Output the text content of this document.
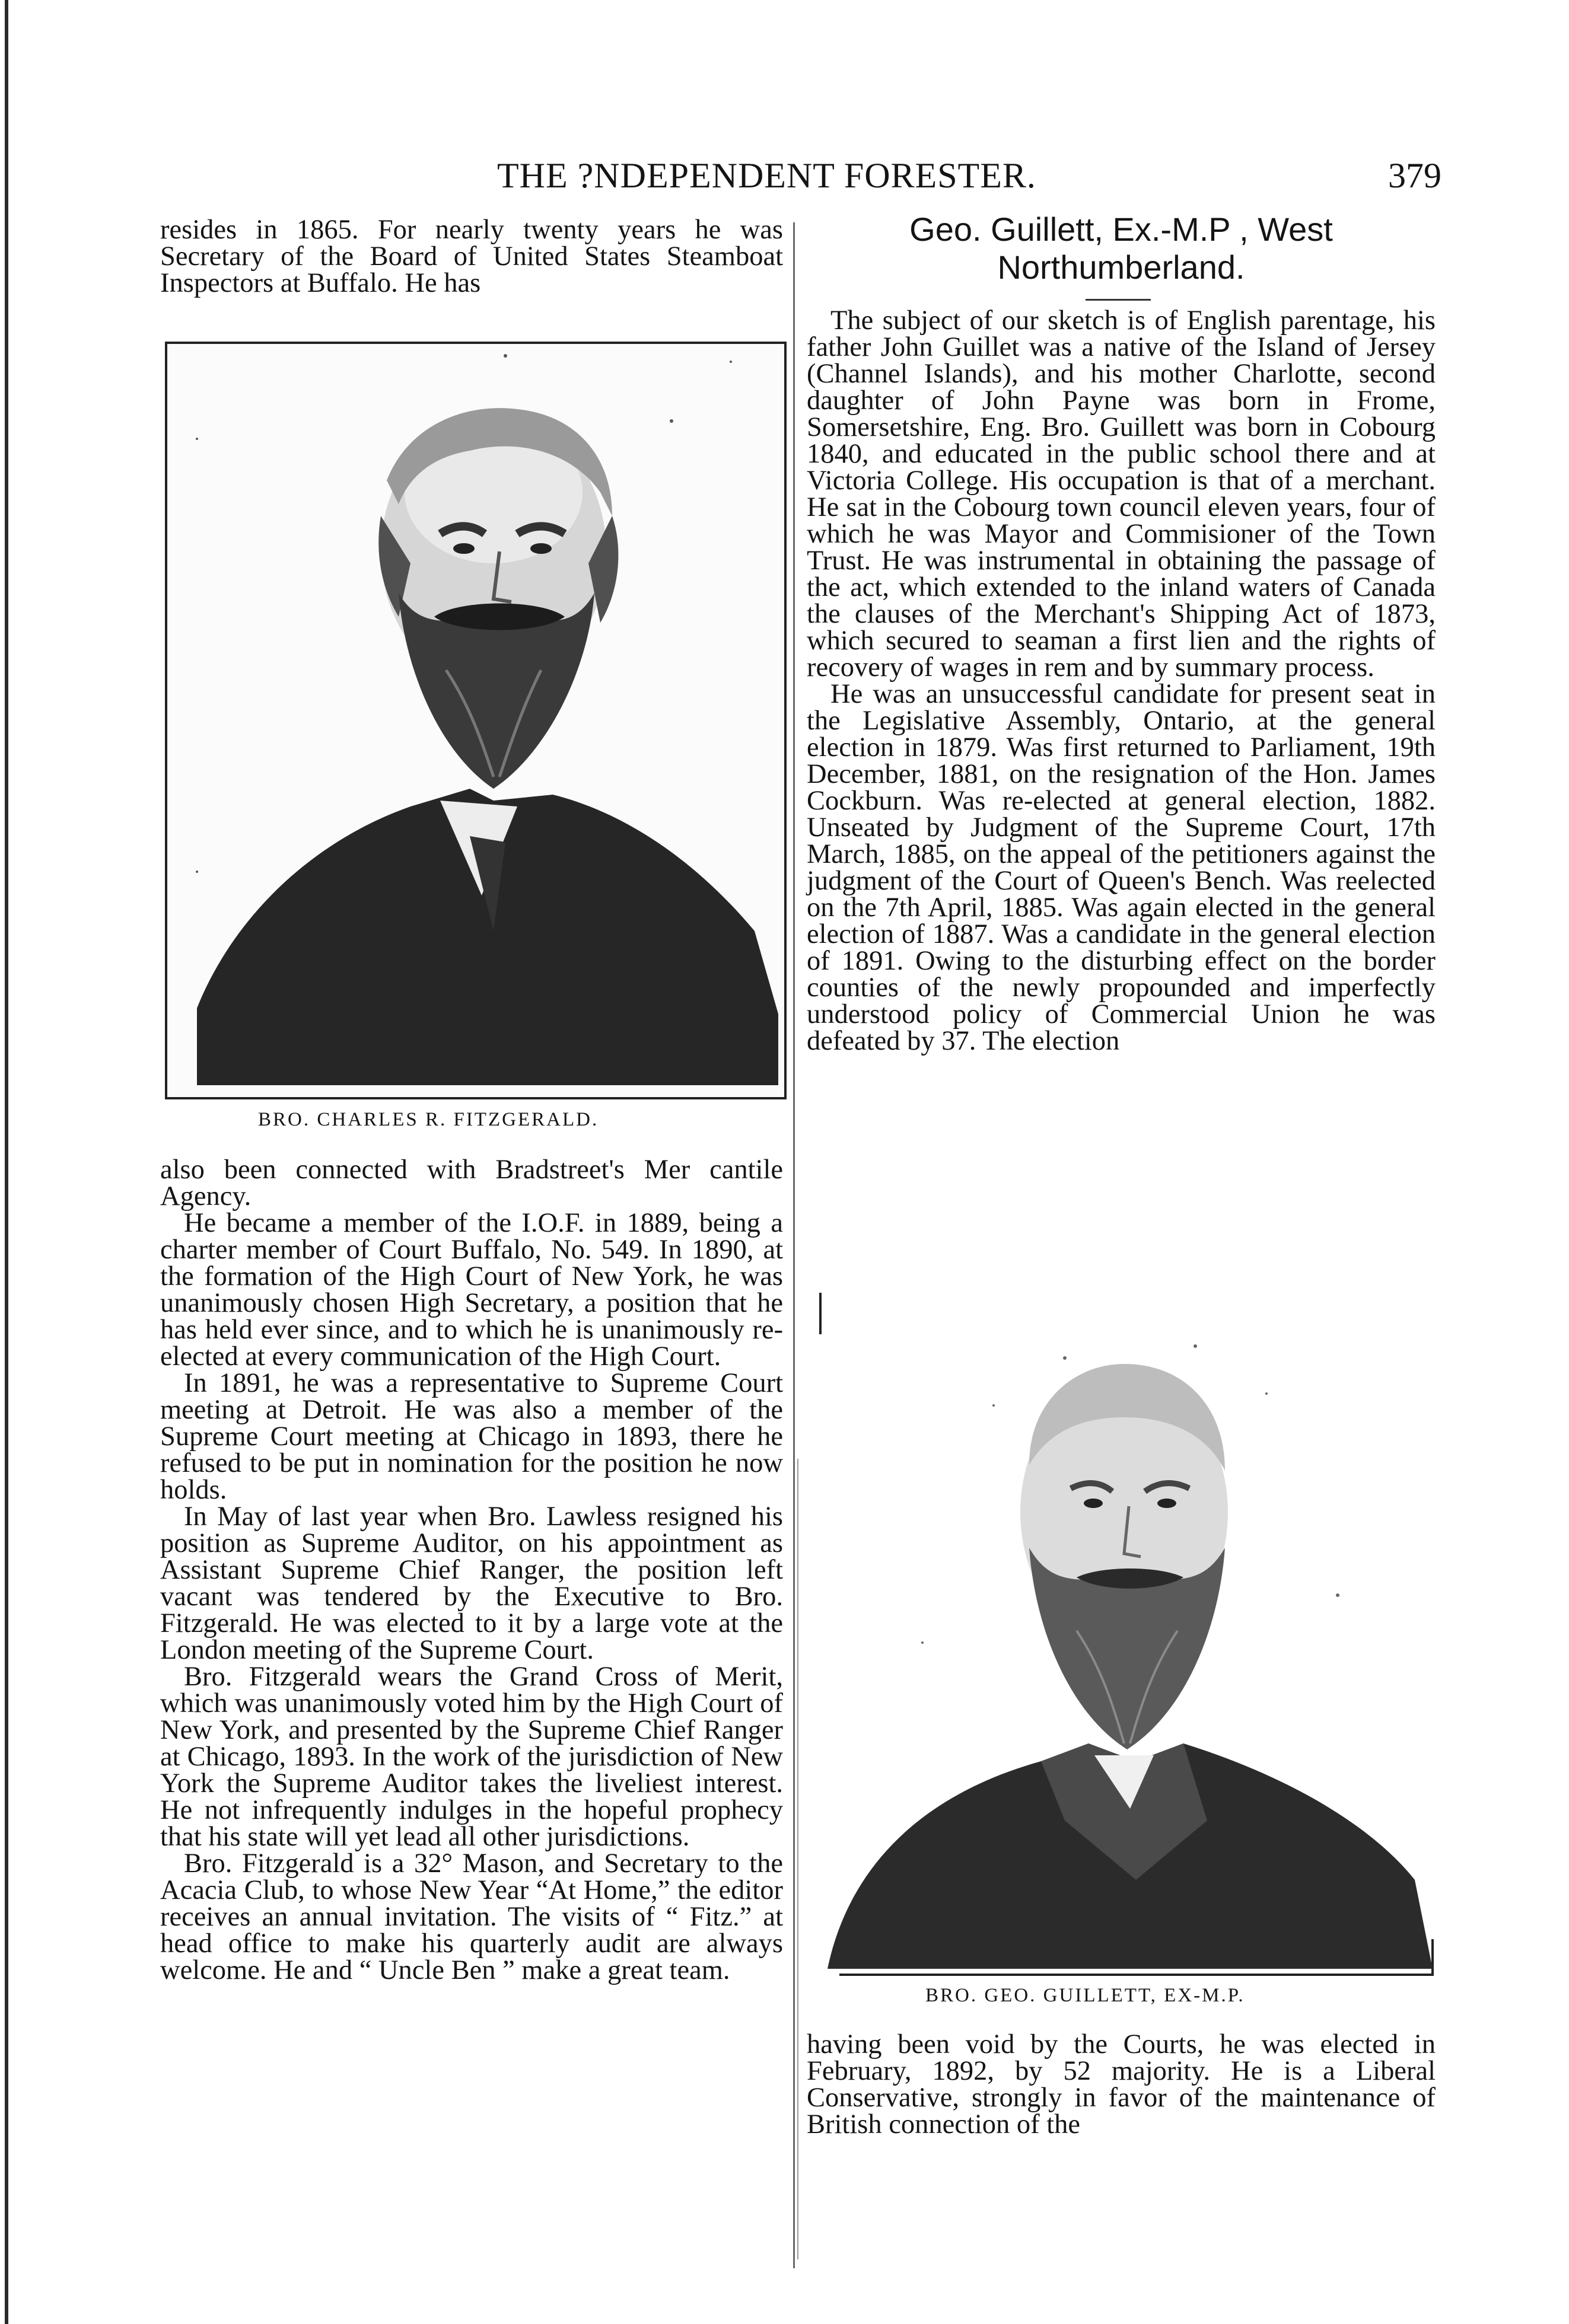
THE ?NDEPENDENT FORESTER.	379

resides in 1865. For nearly twenty years he was Secretary of the Board of United States Steamboat Inspectors at Buffalo. He has

BRO. CHARLES R. FITZGERALD.

also been connected with Bradstreet's Mer cantile Agency.

He became a member of the I.O.F. in 1889, being a charter member of Court Buffalo, No. 549. In 1890, at the formation of the High Court of New York, he was unanimously chosen High Secretary, a position that he has held ever since, and to which he is unanimously re-elected at every communication of the High Court.

In 1891, he was a representative to Supreme Court meeting at Detroit. He was also a member of the Supreme Court meeting at Chicago in 1893, there he refused to be put in nomination for the position he now holds.

In May of last year when Bro. Lawless resigned his position as Supreme Auditor, on his appointment as Assistant Supreme Chief Ranger, the position left vacant was tendered by the Executive to Bro. Fitzgerald. He was elected to it by a large vote at the London meeting of the Supreme Court.

Bro. Fitzgerald wears the Grand Cross of Merit, which was unanimously voted him by the High Court of New York, and presented by the Supreme Chief Ranger at Chicago, 1893. In the work of the jurisdiction of New York the Supreme Auditor takes the liveliest interest. He not infrequently indulges in the hopeful prophecy that his state will yet lead all other jurisdictions.

Bro. Fitzgerald is a 32° Mason, and Secretary to the Acacia Club, to whose New Year “At Home,” the editor receives an annual invitation. The visits of “ Fitz.” at head office to make his quarterly audit are always welcome. He and “ Uncle Ben ” make a great team.

Geo. Guillett, Ex.-M.P , West Northumberland.

The subject of our sketch is of English parentage, his father John Guillet was a native of the Island of Jersey (Channel Islands), and his mother Charlotte, second daughter of John Payne was born in Frome, Somersetshire, Eng. Bro. Guillett was born in Cobourg 1840, and educated in the public school there and at Victoria College. His occupation is that of a merchant. He sat in the Cobourg town council eleven years, four of which he was Mayor and Commisioner of the Town Trust. He was instrumental in obtaining the passage of the act, which extended to the inland waters of Canada the clauses of the Merchant's Shipping Act of 1873, which secured to seaman a first lien and the rights of recovery of wages in rem and by summary process.

He was an unsuccessful candidate for present seat in the Legislative Assembly, Ontario, at the general election in 1879. Was first returned to Parliament, 19th December, 1881, on the resignation of the Hon. James Cockburn. Was re-elected at general election, 1882. Unseated by Judgment of the Supreme Court, 17th March, 1885, on the appeal of the petitioners against the judgment of the Court of Queen's Bench. Was reelected on the 7th April, 1885. Was again elected in the general election of 1887. Was a candidate in the general election of 1891. Owing to the disturbing effect on the border counties of the newly propounded and imperfectly understood policy of Commercial Union he was defeated by 37. The election

BRO. GEO. GUILLETT, EX-M.P.

having been void by the Courts, he was elected in February, 1892, by 52 majority. He is a Liberal Conservative, strongly in favor of the maintenance of British connection of the
